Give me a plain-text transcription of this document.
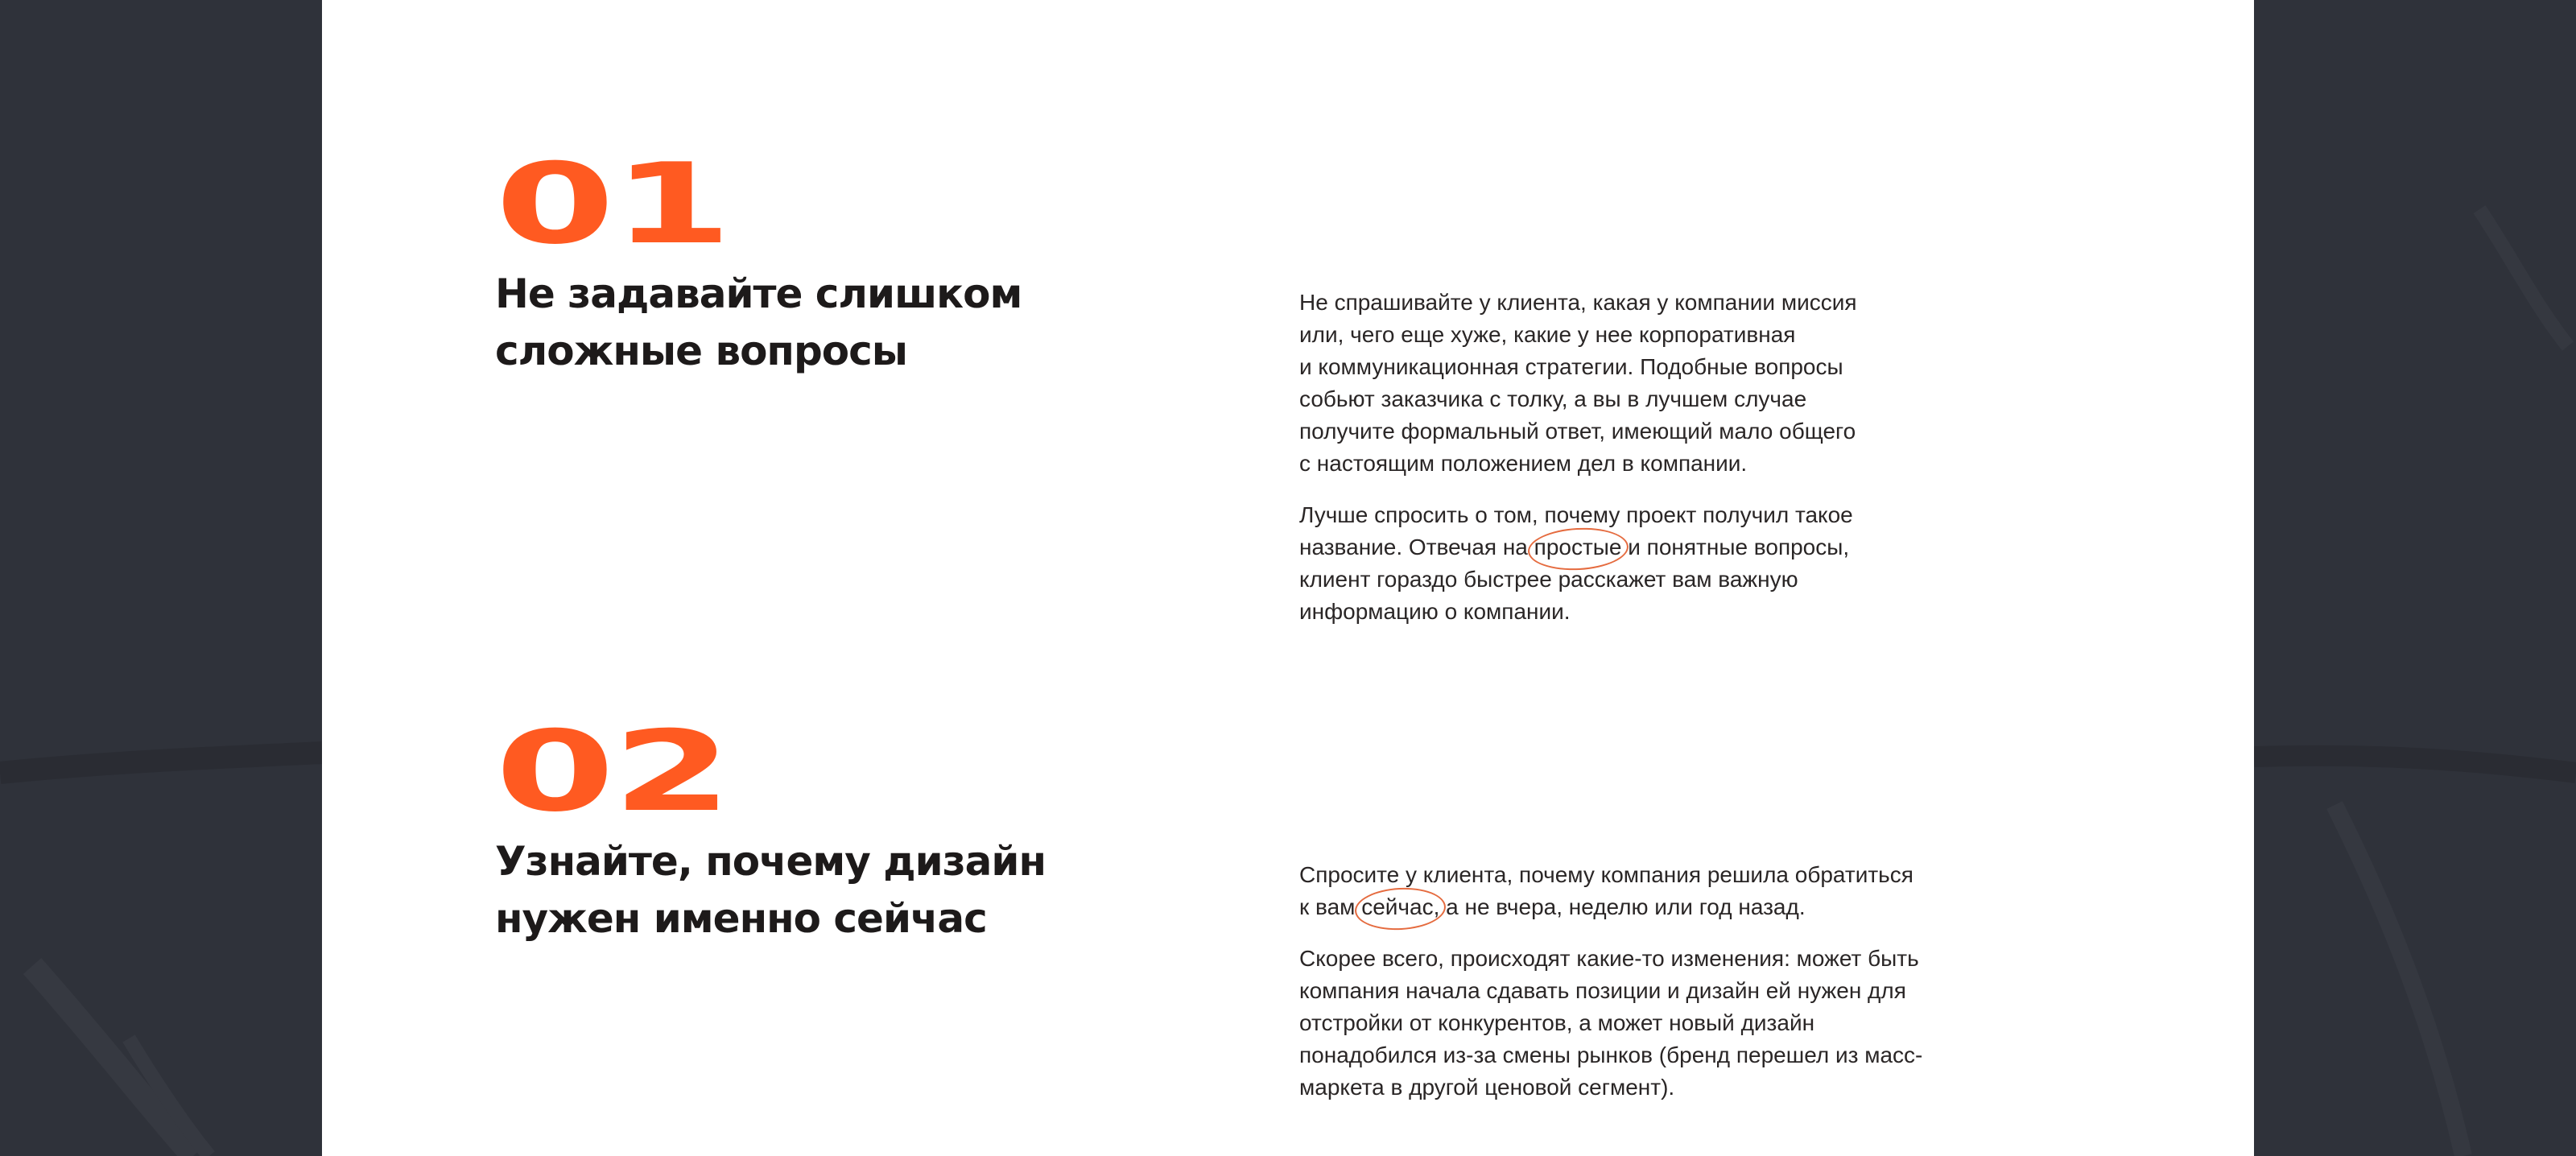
01
Не задавайте слишком
сложные вопросы

Не спрашивайте у клиента, какая у компании миссия
или, чего еще хуже, какие у нее корпоративная
и коммуникационная стратегии. Подобные вопросы
собьют заказчика с толку, а вы в лучшем случае
получите формальный ответ, имеющий мало общего
с настоящим положением дел в компании.

Лучше спросить о том, почему проект получил такое
название. Отвечая на простые и понятные вопросы,
клиент гораздо быстрее расскажет вам важную
информацию о компании.

02
Узнайте, почему дизайн
нужен именно сейчас

Спросите у клиента, почему компания решила обратиться
к вам сейчас, а не вчера, неделю или год назад.

Скорее всего, происходят какие-то изменения: может быть
компания начала сдавать позиции и дизайн ей нужен для
отстройки от конкурентов, а может новый дизайн
понадобился из-за смены рынков (бренд перешел из масс-
маркета в другой ценовой сегмент).
